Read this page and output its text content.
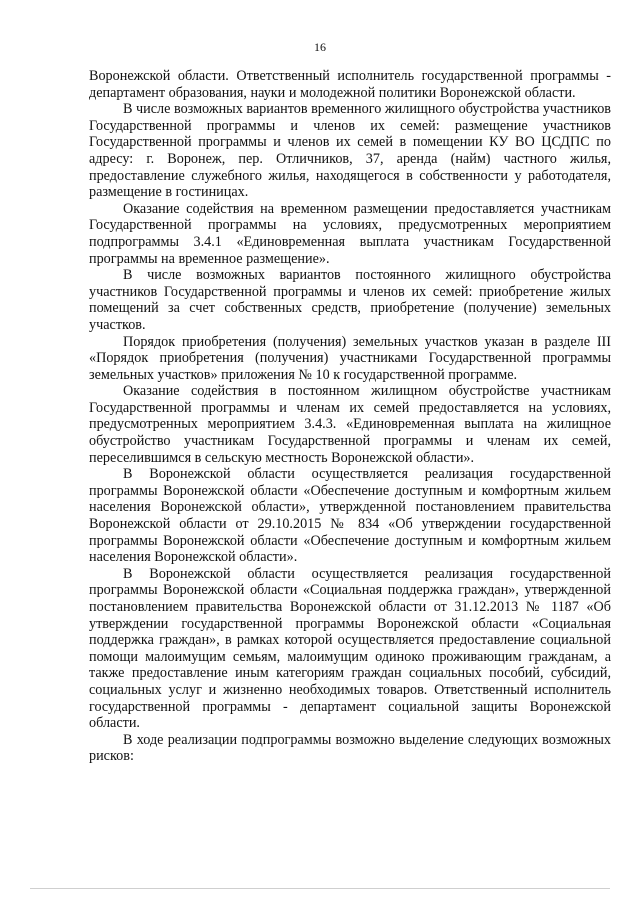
16

Воронежской области. Ответственный исполнитель государственной программы - департамент образования, науки и молодежной политики Воронежской области.

В числе возможных вариантов временного жилищного обустройства участников Государственной программы и членов их семей: размещение участников Государственной программы и членов их семей в помещении КУ ВО ЦСДПС по адресу: г. Воронеж, пер. Отличников, 37, аренда (найм) частного жилья, предоставление служебного жилья, находящегося в собственности у работодателя, размещение в гостиницах.

Оказание содействия на временном размещении предоставляется участникам Государственной программы на условиях, предусмотренных мероприятием подпрограммы 3.4.1 «Единовременная выплата участникам Государственной программы на временное размещение».

В числе возможных вариантов постоянного жилищного обустройства участников Государственной программы и членов их семей: приобретение жилых помещений за счет собственных средств, приобретение (получение) земельных участков.

Порядок приобретения (получения) земельных участков указан в разделе III «Порядок приобретения (получения) участниками Государственной программы земельных участков» приложения № 10 к государственной программе.

Оказание содействия в постоянном жилищном обустройстве участникам Государственной программы и членам их семей предоставляется на условиях, предусмотренных мероприятием 3.4.3. «Единовременная выплата на жилищное обустройство участникам Государственной программы и членам их семей, переселившимся в сельскую местность Воронежской области».

В Воронежской области осуществляется реализация государственной программы Воронежской области «Обеспечение доступным и комфортным жильем населения Воронежской области», утвержденной постановлением правительства Воронежской области от 29.10.2015 № 834 «Об утверждении государственной программы Воронежской области «Обеспечение доступным и комфортным жильем населения Воронежской области».

В Воронежской области осуществляется реализация государственной программы Воронежской области «Социальная поддержка граждан», утвержденной постановлением правительства Воронежской области от 31.12.2013 № 1187 «Об утверждении государственной программы Воронежской области «Социальная поддержка граждан», в рамках которой осуществляется предоставление социальной помощи малоимущим семьям, малоимущим одиноко проживающим гражданам, а также предоставление иным категориям граждан социальных пособий, субсидий, социальных услуг и жизненно необходимых товаров. Ответственный исполнитель государственной программы - департамент социальной защиты Воронежской области.

В ходе реализации подпрограммы возможно выделение следующих возможных рисков:
